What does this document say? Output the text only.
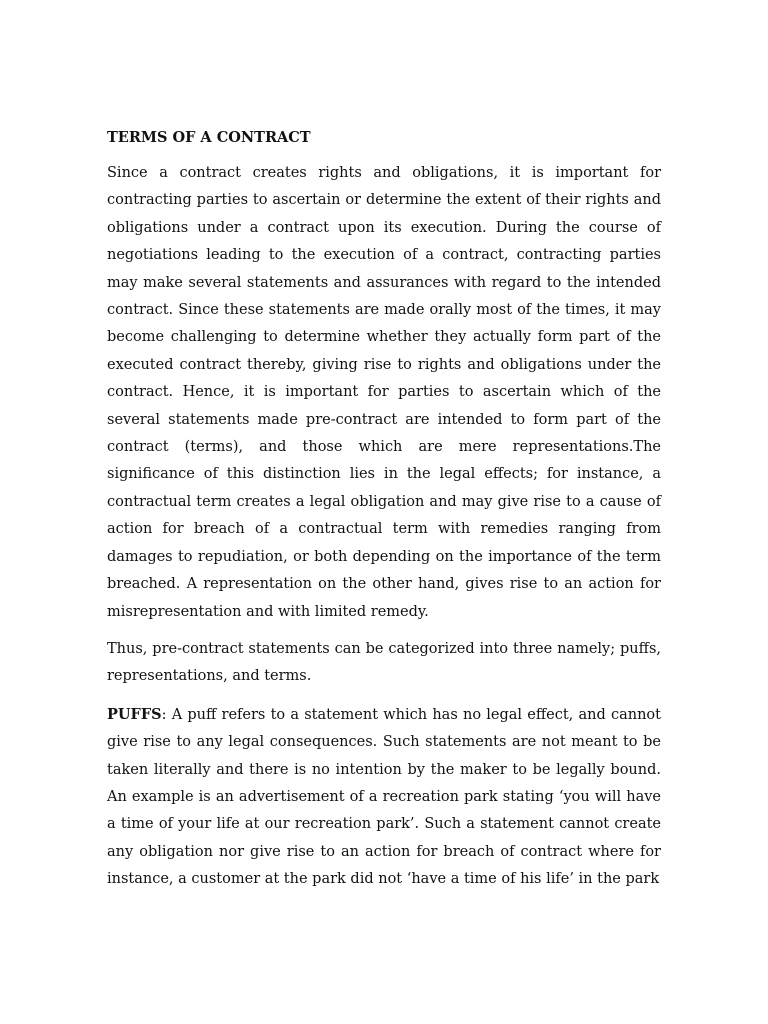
TERMS OF A CONTRACT

Since a contract creates rights and obligations, it is important for contracting parties to ascertain or determine the extent of their rights and obligations under a contract upon its execution. During the course of negotiations leading to the execution of a contract, contracting parties may make several statements and assurances with regard to the intended contract. Since these statements are made orally most of the times, it may become challenging to determine whether they actually form part of the executed contract thereby, giving rise to rights and obligations under the contract. Hence, it is important for parties to ascertain which of the several statements made pre-contract are intended to form part of the contract (terms), and those which are mere representations.The significance of this distinction lies in the legal effects; for instance, a contractual term creates a legal obligation and may give rise to a cause of action for breach of a contractual term with remedies ranging from damages to repudiation, or both depending on the importance of the term breached. A representation on the other hand, gives rise to an action for misrepresentation and with limited remedy.

Thus, pre-contract statements can be categorized into three namely; puffs, representations, and terms.

PUFFS: A puff refers to a statement which has no legal effect, and cannot give rise to any legal consequences. Such statements are not meant to be taken literally and there is no intention by the maker to be legally bound. An example is an advertisement of a recreation park stating ‘you will have a time of your life at our recreation park’. Such a statement cannot create any obligation nor give rise to an action for breach of contract where for instance, a customer at the park did not ‘have a time of his life’ in the park
